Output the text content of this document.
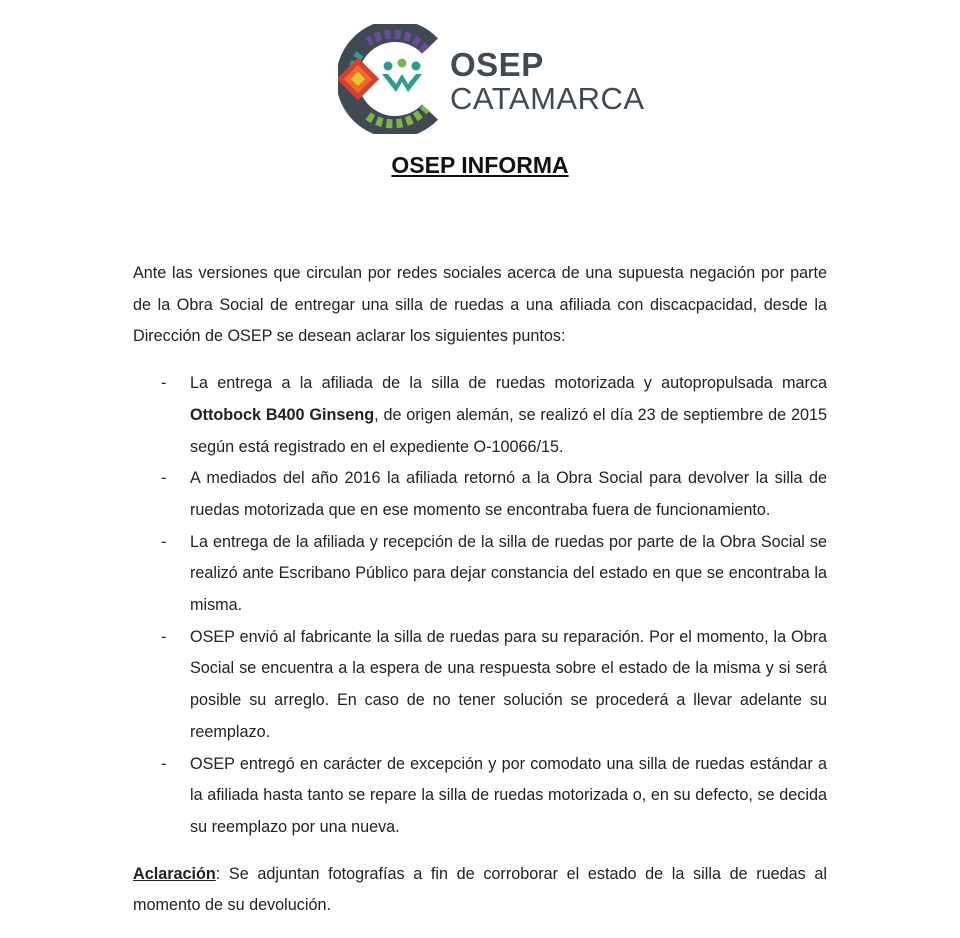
OSEP
CATAMARCA
OSEP INFORMA

Ante las versiones que circulan por redes sociales acerca de una supuesta negación por parte de la Obra Social de entregar una silla de ruedas a una afiliada con discacpacidad, desde la Dirección de OSEP se desean aclarar los siguientes puntos:

- La entrega a la afiliada de la silla de ruedas motorizada y autopropulsada marca Ottobock B400 Ginseng, de origen alemán, se realizó el día 23 de septiembre de 2015 según está registrado en el expediente O-10066/15.
- A mediados del año 2016 la afiliada retornó a la Obra Social para devolver la silla de ruedas motorizada que en ese momento se encontraba fuera de funcionamiento.
- La entrega de la afiliada y recepción de la silla de ruedas por parte de la Obra Social se realizó ante Escribano Público para dejar constancia del estado en que se encontraba la misma.
- OSEP envió al fabricante la silla de ruedas para su reparación. Por el momento, la Obra Social se encuentra a la espera de una respuesta sobre el estado de la misma y si será posible su arreglo. En caso de no tener solución se procederá a llevar adelante su reemplazo.
- OSEP entregó en carácter de excepción y por comodato una silla de ruedas estándar a la afiliada hasta tanto se repare la silla de ruedas motorizada o, en su defecto, se decida su reemplazo por una nueva.

Aclaración: Se adjuntan fotografías a fin de corroborar el estado de la silla de ruedas al momento de su devolución.
